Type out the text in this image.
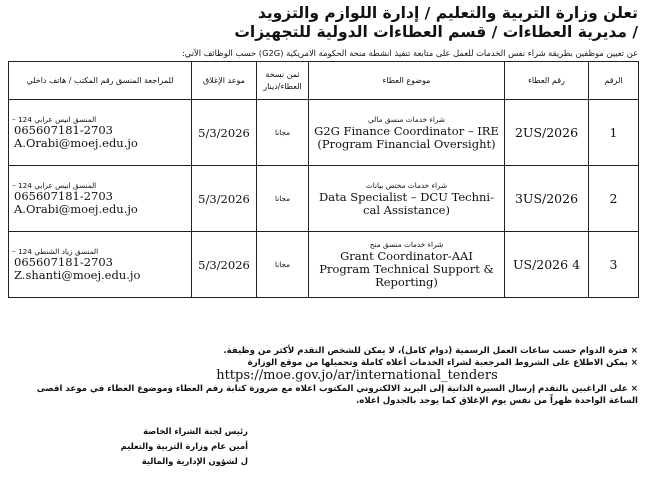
تعلن وزارة التربية والتعليم / إدارة اللوازم والتزويد
/ مديرية العطاءات / قسم العطاءات الدولية للتجهيزات
عن تعيين موظفين بطريقة شراء نفس الخدمات للعمل على متابعة تنفيذ انشطة منحة الحكومة الامريكية (G2G) حسب الوظائف الآتي:
الرقم	رقم العطاء	موضوع العطاء	ثمن نسخة العطاء/دينار	موعد الإغلاق	للمراجعة المنسق رقم المكتب / هاتف داخلي
1	2US/2026	شراء خدمات منسق مالي
G2G Finance Coordinator – IRE
(Program Financial Oversight)	مجانا	5/3/2026	المنسق انيس عرابي 124 –
065607181-2703
A.Orabi@moej.edu.jo

2	3US/2026	شراء خدمات مختص بيانات
Data Specialist – DCU Techni-
cal Assistance)	مجانا	5/3/2026	المنسق انيس عرابي 124 –
065607181-2703
A.Orabi@moej.edu.jo

3	US/2026 4	شراء خدمات منسق منح
Grant Coordinator-AAI
Program Technical Support &
Reporting)	مجانا	5/3/2026	المنسق زياد الشنطي 124 –
065607181-2703
Z.shanti@moej.edu.jo

× فترة الدوام حسب ساعات العمل الرسمية (دوام كامل)، لا يمكن للشخص التقدم لأكثر من وظيفة.

× يمكن الاطلاع على الشروط المرجعية لشراء الخدمات أعلاه كاملة وتحميلها من موقع الوزارة

https://moe.gov.jo/ar/international_tenders

× على الراغبين بالتقدم إرسال السيرة الذاتية إلى البريد الالكتروني المكتوب اعلاه مع ضرورة كتابة رقم العطاء وموضوع العطاء في موعد اقصى

الساعة الواحدة ظهراً من نفس يوم الإغلاق كما يوجد بالجدول اعلاه.

رئيس لجنة الشراء الخاصة
أمين عام وزارة التربية والتعليم
ل لشؤون الإدارية والمالية
